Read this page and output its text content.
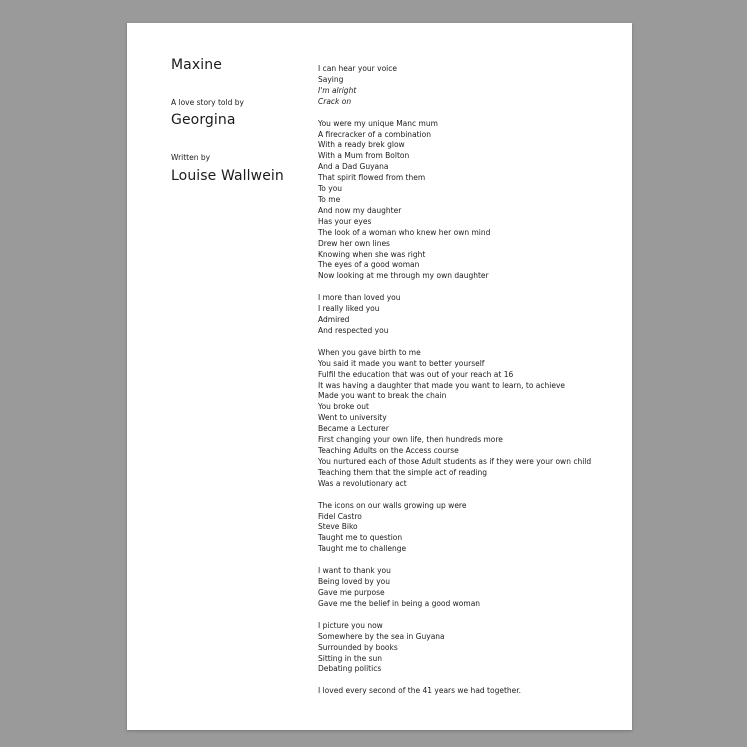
Maxine
A love story told by
Georgina
Written by
Louise Wallwein
I can hear your voice
Saying
I'm alright
Crack on
You were my unique Manc mum
A firecracker of a combination
With a ready brek glow
With a Mum from Bolton
And a Dad Guyana
That spirit flowed from them
To you
To me
And now my daughter
Has your eyes
The look of a woman who knew her own mind
Drew her own lines
Knowing when she was right
The eyes of a good woman
Now looking at me through my own daughter
I more than loved you
I really liked you
Admired
And respected you
When you gave birth to me
You said it made you want to better yourself
Fulfil the education that was out of your reach at 16
It was having a daughter that made you want to learn, to achieve
Made you want to break the chain
You broke out
Went to university
Became a Lecturer
First changing your own life, then hundreds more
Teaching Adults on the Access course
You nurtured each of those Adult students as if they were your own child
Teaching them that the simple act of reading
Was a revolutionary act
The icons on our walls growing up were
Fidel Castro
Steve Biko
Taught me to question
Taught me to challenge
I want to thank you
Being loved by you
Gave me purpose
Gave me the belief in being a good woman
I picture you now
Somewhere by the sea in Guyana
Surrounded by books
Sitting in the sun
Debating politics
I loved every second of the 41 years we had together.
